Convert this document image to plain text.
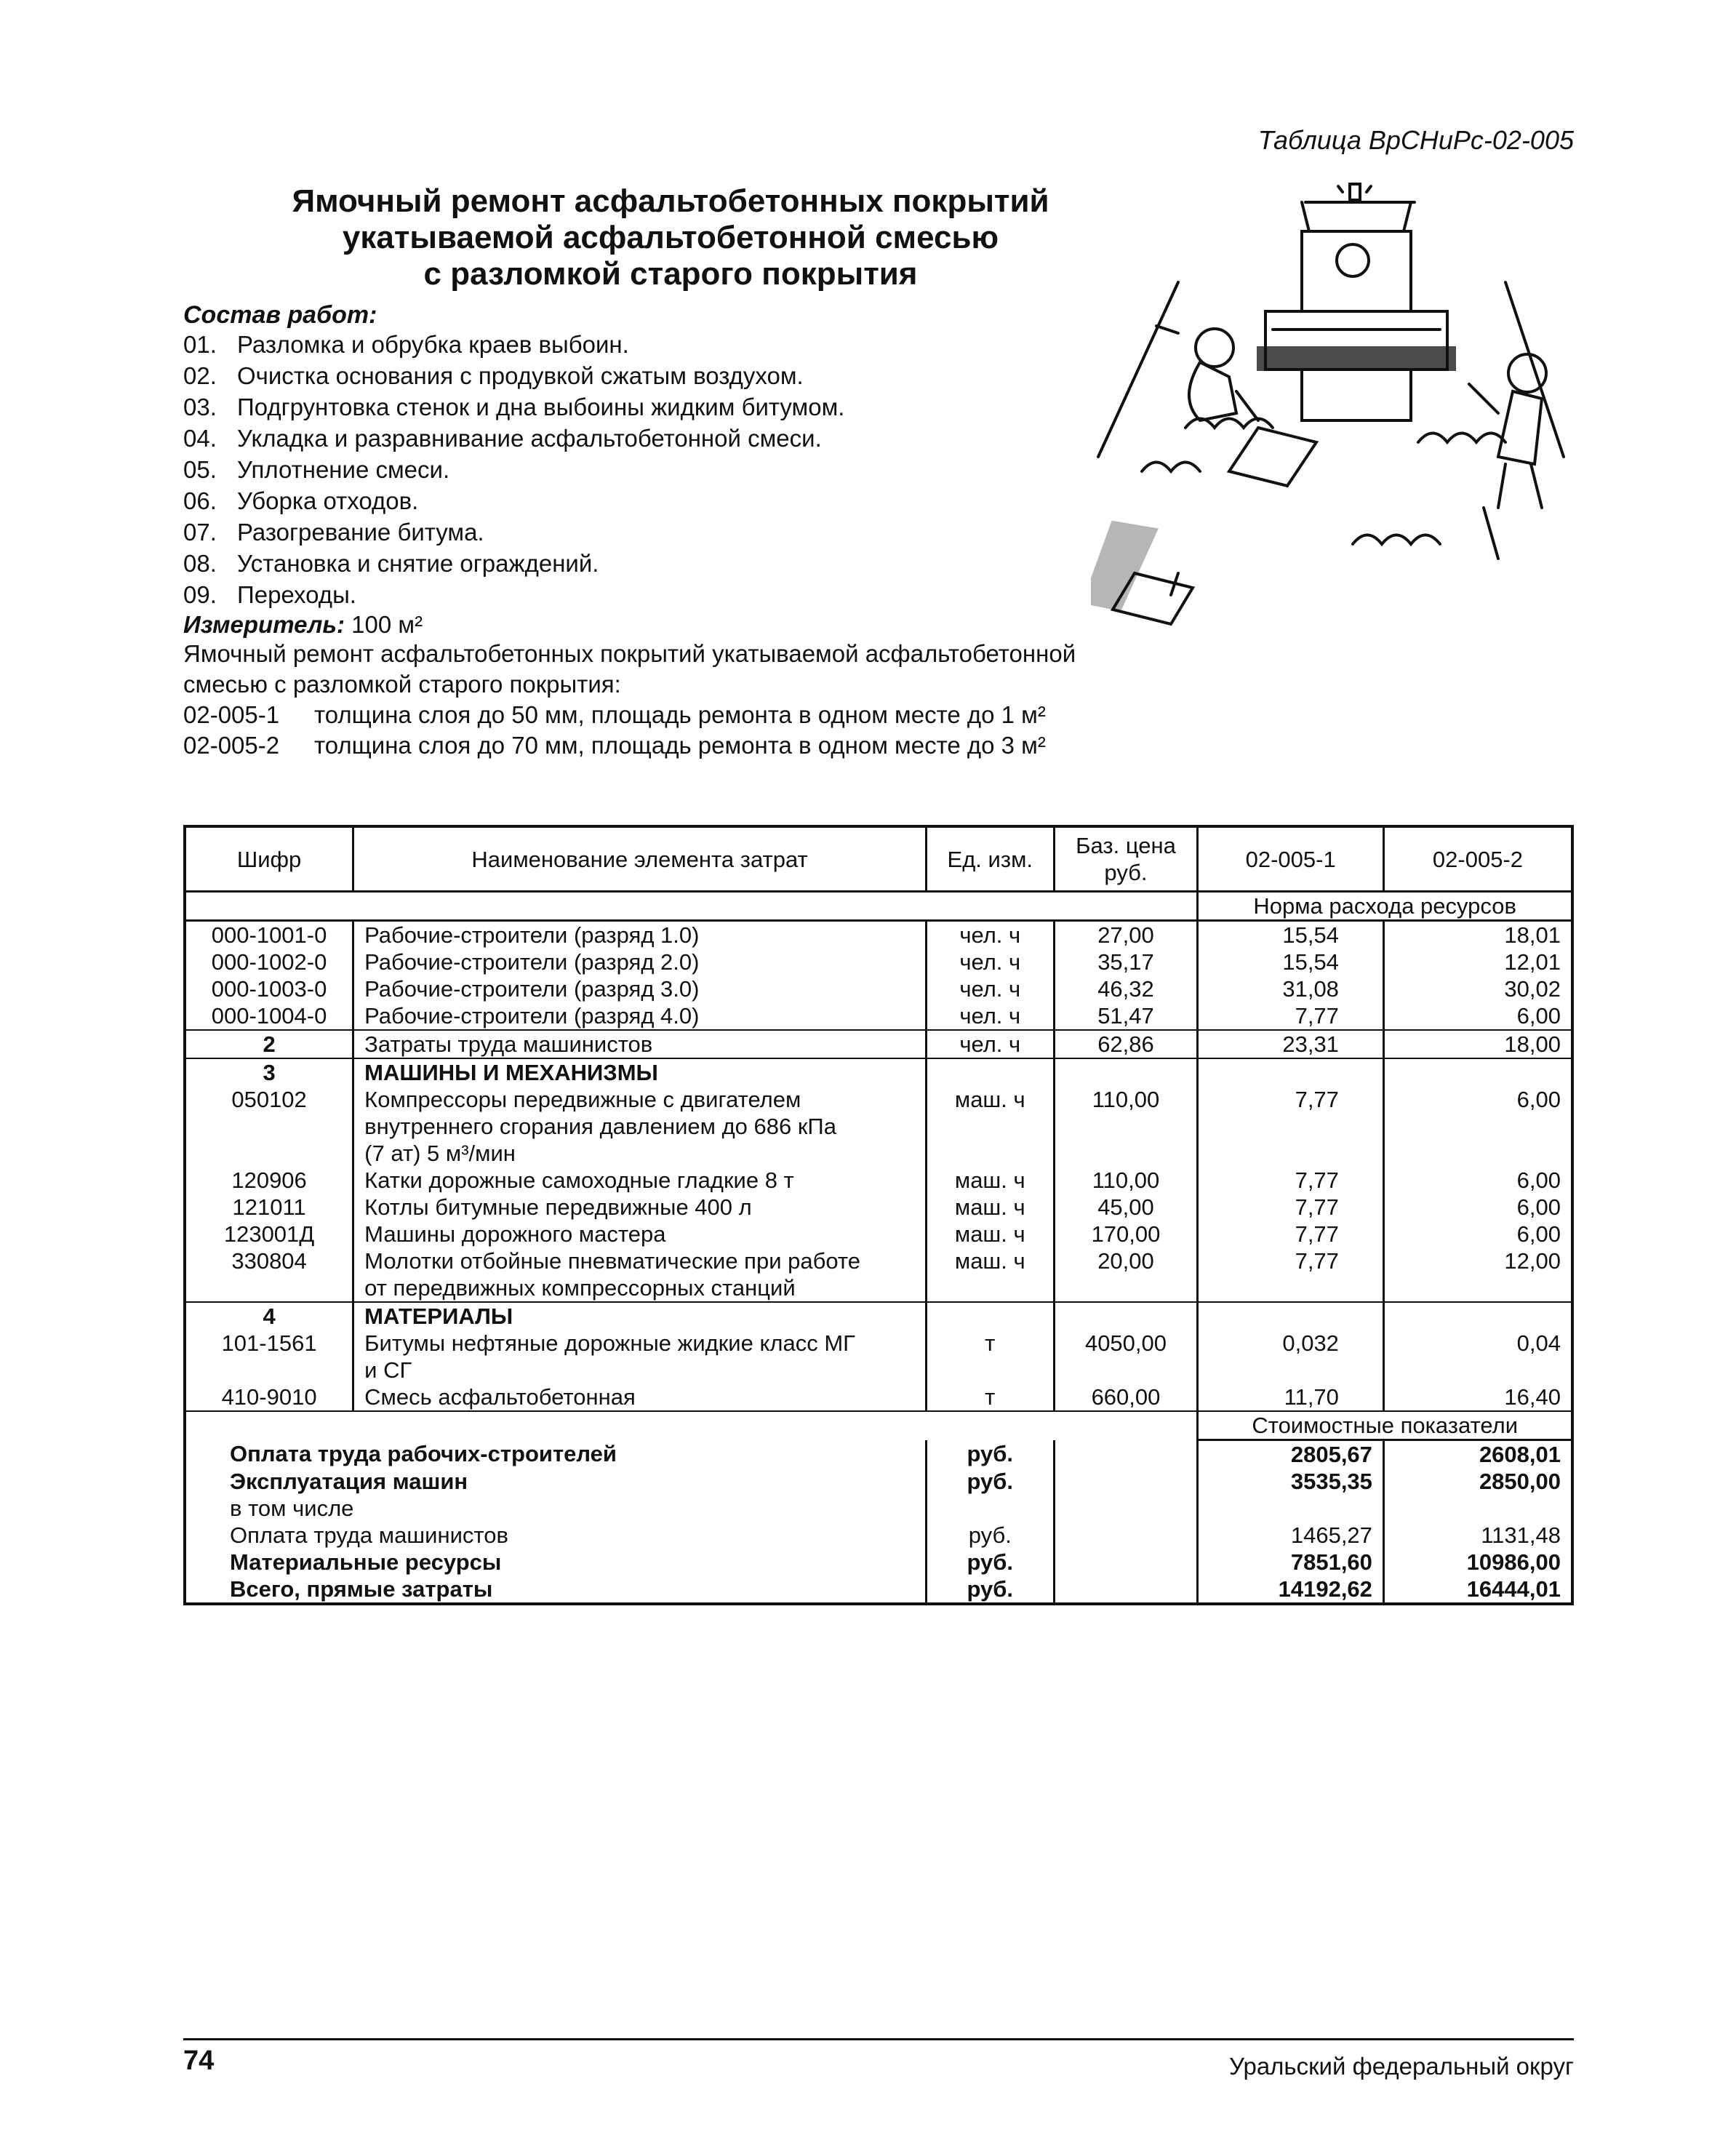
Таблица ВрСНиРс-02-005
Ямочный ремонт асфальтобетонных покрытий
укатываемой асфальтобетонной смесью
с разломкой старого покрытия
Состав работ:
01. Разломка и обрубка краев выбоин.
02. Очистка основания с продувкой сжатым воздухом.
03. Подгрунтовка стенок и дна выбоины жидким битумом.
04. Укладка и разравнивание асфальтобетонной смеси.
05. Уплотнение смеси.
06. Уборка отходов.
07. Разогревание битума.
08. Установка и снятие ограждений.
09. Переходы.
Измеритель: 100 м²
Ямочный ремонт асфальтобетонных покрытий укатываемой асфальтобетонной смесью с разломкой старого покрытия:
02-005-1 толщина слоя до 50 мм, площадь ремонта в одном месте до 1 м²
02-005-2 толщина слоя до 70 мм, площадь ремонта в одном месте до 3 м²
Шифр	Наименование элемента затрат	Ед. изм.	Баз. цена руб.	02-005-1	02-005-2
				Норма расхода ресурсов	
000-1001-0	Рабочие-строители (разряд 1.0)	чел. ч	27,00	15,54	18,01
000-1002-0	Рабочие-строители (разряд 2.0)	чел. ч	35,17	15,54	12,01
000-1003-0	Рабочие-строители (разряд 3.0)	чел. ч	46,32	31,08	30,02
000-1004-0	Рабочие-строители (разряд 4.0)	чел. ч	51,47	7,77	6,00
2	Затраты труда машинистов	чел. ч	62,86	23,31	18,00
3	МАШИНЫ И МЕХАНИЗМЫ				
050102	Компрессоры передвижные с двигателем
внутреннего сгорания давлением до 686 кПа
(7 ат) 5 м³/мин	маш. ч	110,00	7,77	6,00
120906	Катки дорожные самоходные гладкие 8 т	маш. ч	110,00	7,77	6,00
121011	Котлы битумные передвижные 400 л	маш. ч	45,00	7,77	6,00
123001Д	Машины дорожного мастера	маш. ч	170,00	7,77	6,00
330804	Молотки отбойные пневматические при работе
от передвижных компрессорных станций	маш. ч	20,00	7,77	12,00
4	МАТЕРИАЛЫ				
101-1561	Битумы нефтяные дорожные жидкие класс МГ
и СГ	т	4050,00	0,032	0,04
410-9010	Смесь асфальтобетонная	т	660,00	11,70	16,40
				Стоимостные показатели	
Оплата труда рабочих-строителей		руб.		2805,67	2608,01
Эксплуатация машин		руб.		3535,35	2850,00
в том числе					
Оплата труда машинистов		руб.		1465,27	1131,48
Материальные ресурсы		руб.		7851,60	10986,00
Всего, прямые затраты		руб.		14192,62	16444,01
74	Уральский федеральный округ
